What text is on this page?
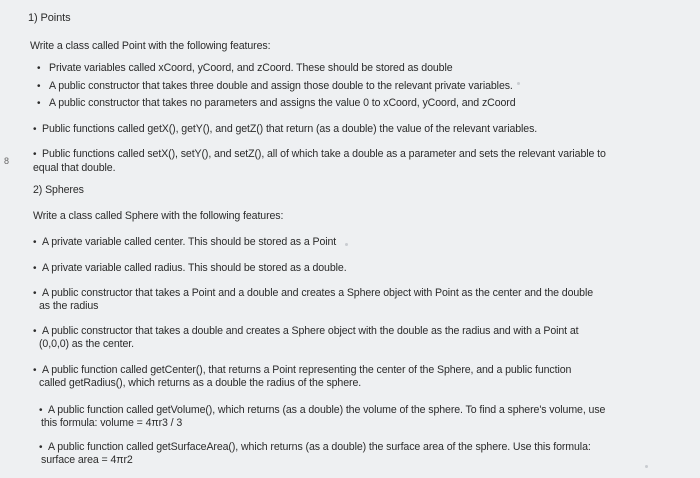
1) Points
Write a class called Point with the following features:
• Private variables called xCoord, yCoord, and zCoord. These should be stored as double
• A public constructor that takes three double and assign those double to the relevant private variables.
• A public constructor that takes no parameters and assigns the value 0 to xCoord, yCoord, and zCoord
• Public functions called getX(), getY(), and getZ() that return (as a double) the value of the relevant variables.
8
• Public functions called setX(), setY(), and setZ(), all of which take a double as a parameter and sets the relevant variable to
equal that double.
2) Spheres
Write a class called Sphere with the following features:
• A private variable called center. This should be stored as a Point
• A private variable called radius. This should be stored as a double.
• A public constructor that takes a Point and a double and creates a Sphere object with Point as the center and the double
as the radius
• A public constructor that takes a double and creates a Sphere object with the double as the radius and with a Point at
(0,0,0) as the center.
• A public function called getCenter(), that returns a Point representing the center of the Sphere, and a public function
called getRadius(), which returns as a double the radius of the sphere.
• A public function called getVolume(), which returns (as a double) the volume of the sphere. To find a sphere's volume, use
this formula: volume = 4πr3 / 3
• A public function called getSurfaceArea(), which returns (as a double) the surface area of the sphere. Use this formula:
surface area = 4πr2
